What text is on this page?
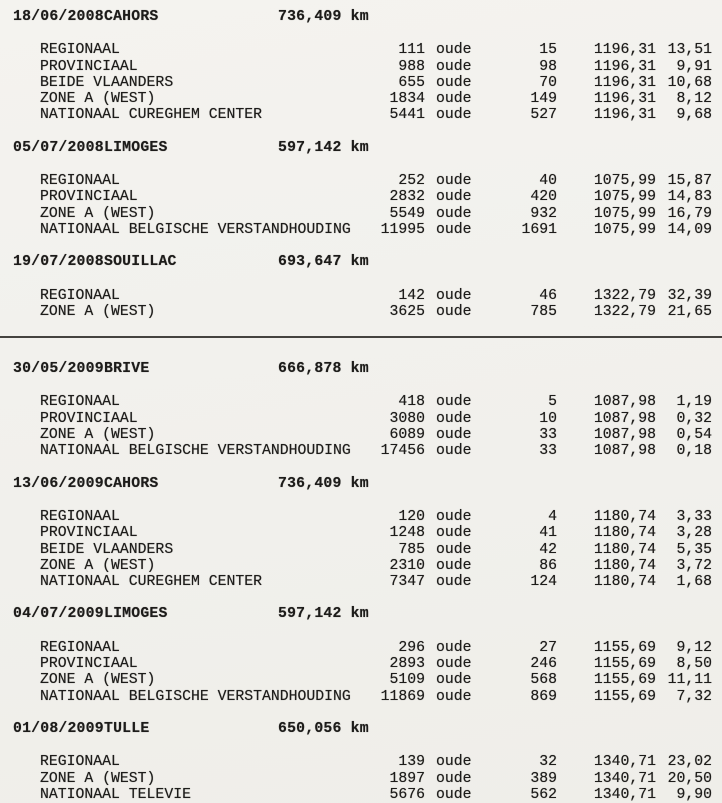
18/06/2008 CAHORS	736,409 km
REGIONAAL	111 oude	15 1196,31 13,51
PROVINCIAAL	988 oude	98 1196,31 9,91
BEIDE VLAANDERS	655 oude	70 1196,31 10,68
ZONE A (WEST)	1834 oude	149 1196,31 8,12
NATIONAAL CUREGHEM CENTER	5441 oude	527 1196,31 9,68
05/07/2008 LIMOGES	597,142 km
REGIONAAL	252 oude	40 1075,99 15,87
PROVINCIAAL	2832 oude	420 1075,99 14,83
ZONE A (WEST)	5549 oude	932 1075,99 16,79
NATIONAAL BELGISCHE VERSTANDHOUDING 11995 oude	1691 1075,99 14,09
19/07/2008 SOUILLAC	693,647 km
REGIONAAL	142 oude	46 1322,79 32,39
ZONE A (WEST)	3625 oude	785 1322,79 21,65
30/05/2009 BRIVE	666,878 km
REGIONAAL	418 oude	5 1087,98 1,19
PROVINCIAAL	3080 oude	10 1087,98 0,32
ZONE A (WEST)	6089 oude	33 1087,98 0,54
NATIONAAL BELGISCHE VERSTANDHOUDING 17456 oude	33 1087,98 0,18
13/06/2009 CAHORS	736,409 km
REGIONAAL	120 oude	4 1180,74 3,33
PROVINCIAAL	1248 oude	41 1180,74 3,28
BEIDE VLAANDERS	785 oude	42 1180,74 5,35
ZONE A (WEST)	2310 oude	86 1180,74 3,72
NATIONAAL CUREGHEM CENTER	7347 oude	124 1180,74 1,68
04/07/2009 LIMOGES	597,142 km
REGIONAAL	296 oude	27 1155,69 9,12
PROVINCIAAL	2893 oude	246 1155,69 8,50
ZONE A (WEST)	5109 oude	568 1155,69 11,11
NATIONAAL BELGISCHE VERSTANDHOUDING 11869 oude	869 1155,69 7,32
01/08/2009 TULLE	650,056 km
REGIONAAL	139 oude	32 1340,71 23,02
ZONE A (WEST)	1897 oude	389 1340,71 20,50
NATIONAAL TELEVIE	5676 oude	562 1340,71 9,90
